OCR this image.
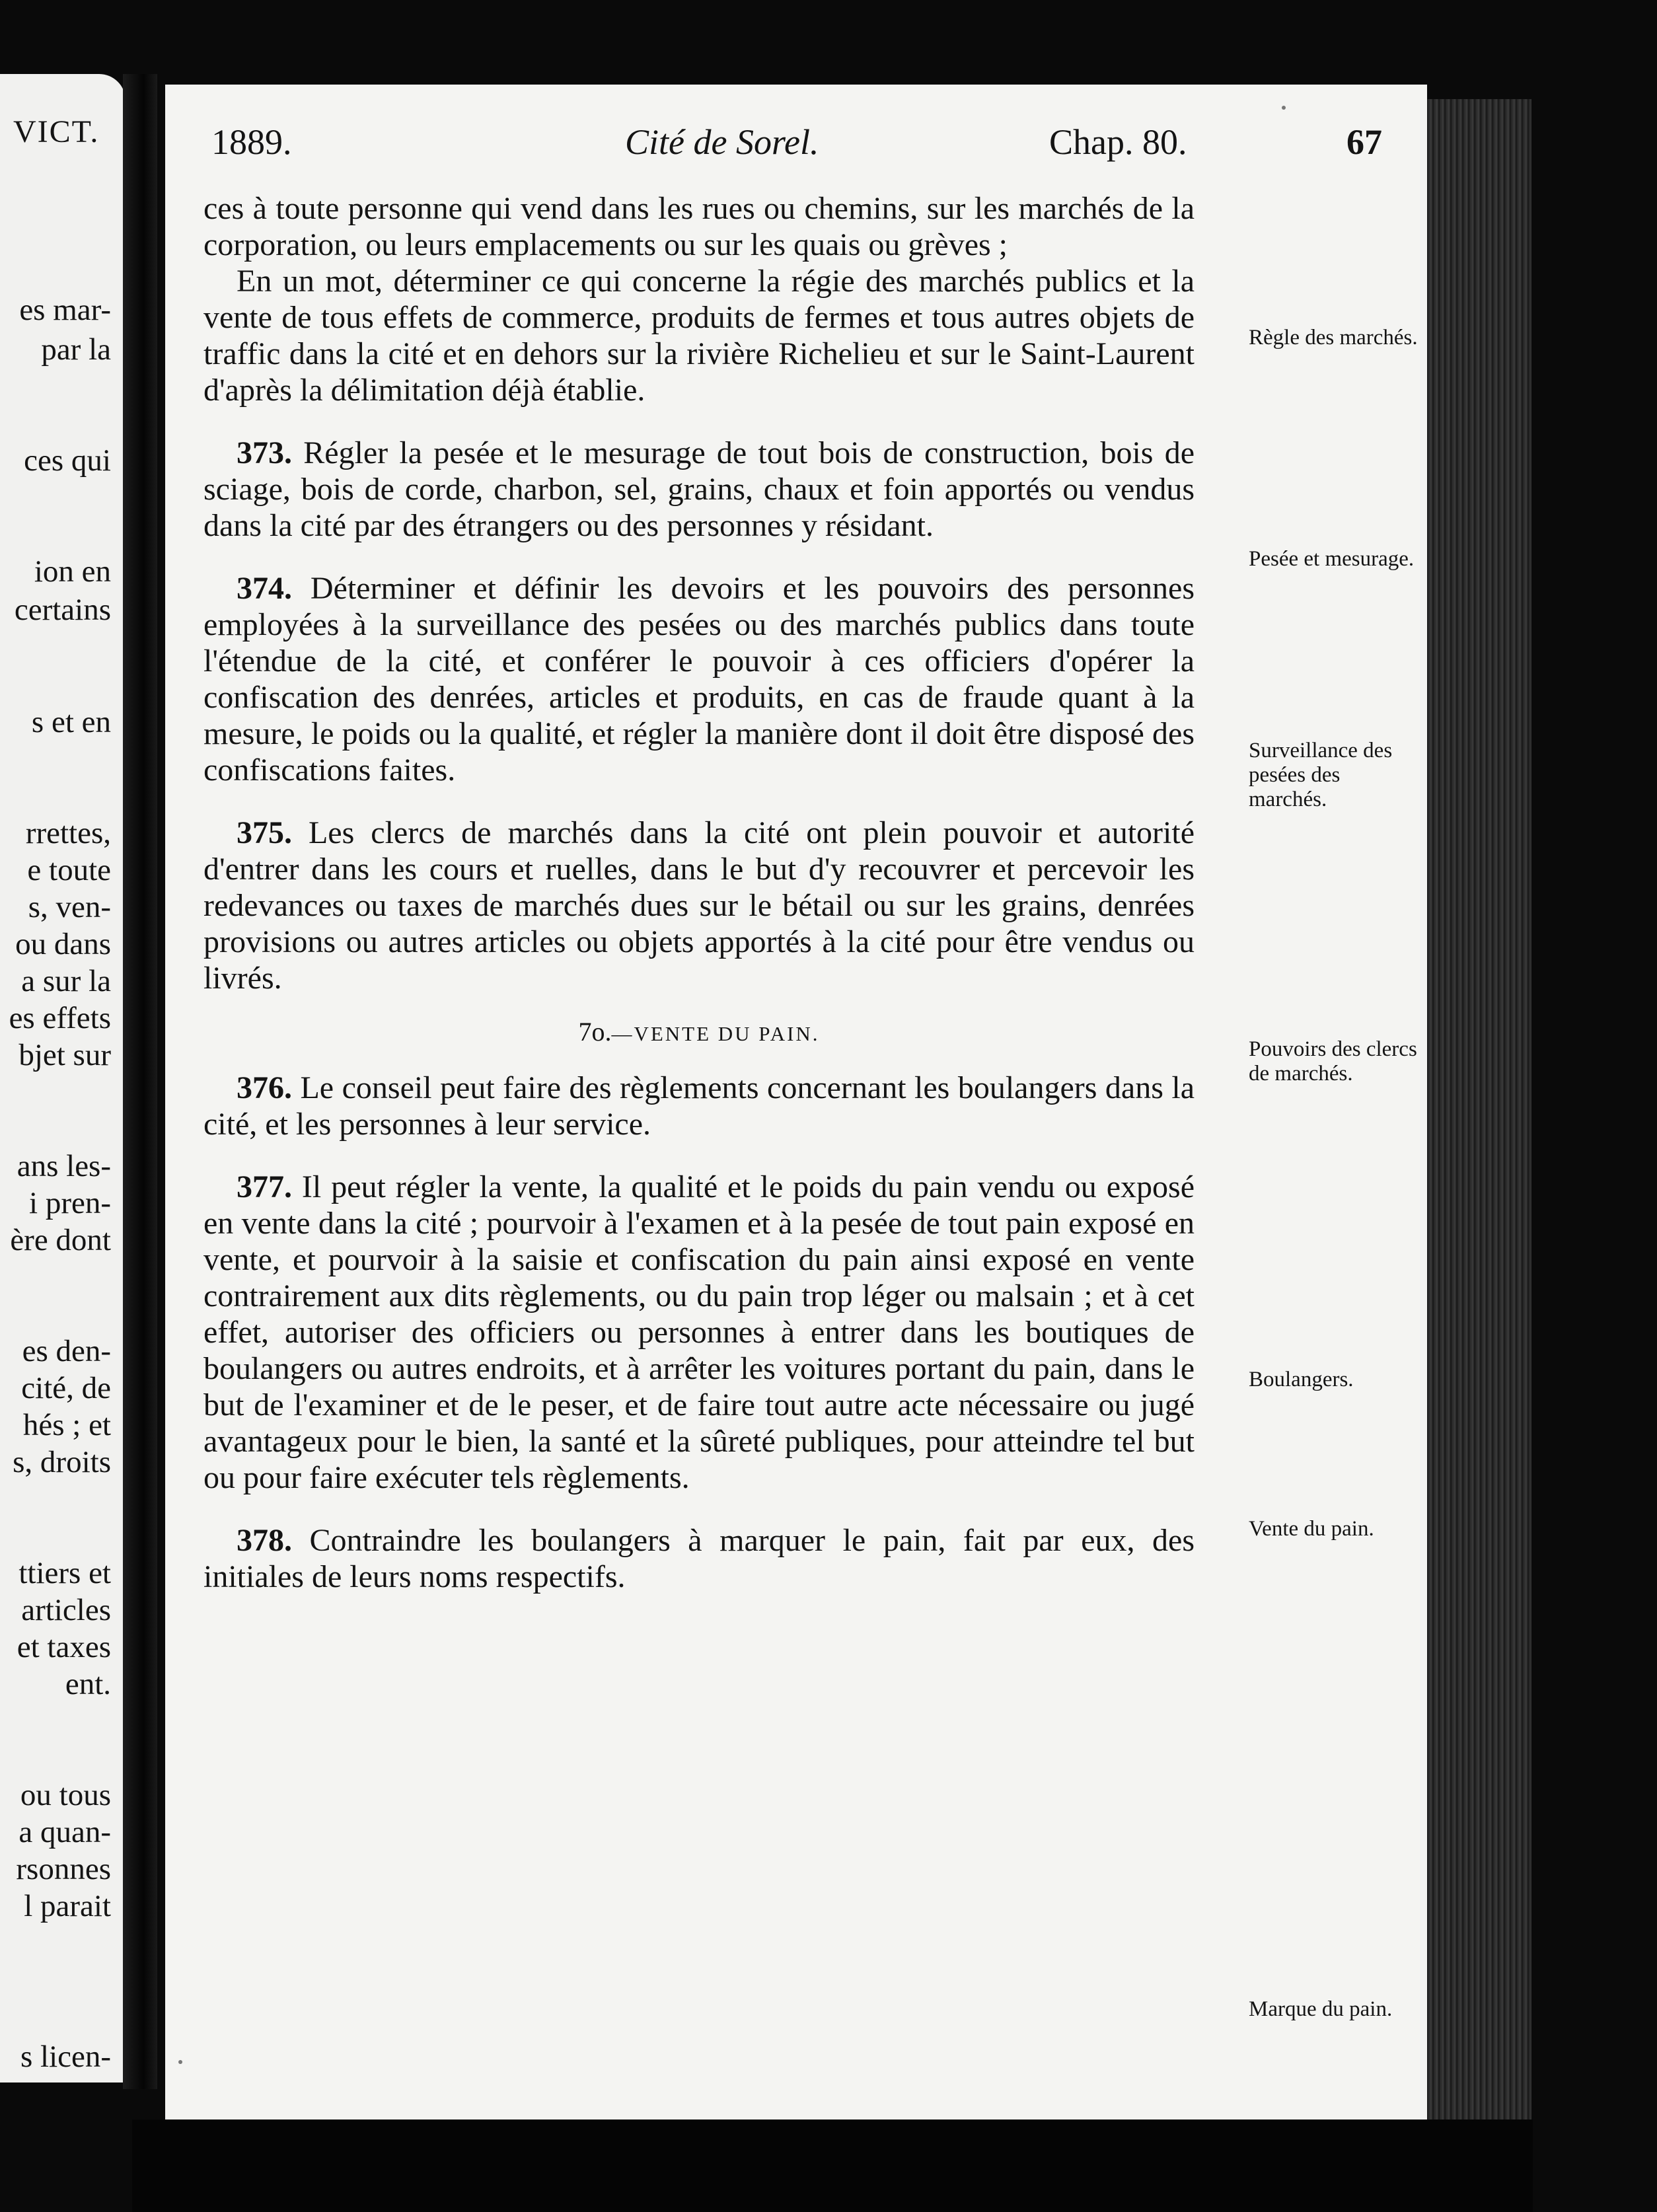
VICT.

es mar-

par la

ces qui

ion en

certains

s et en

rrettes,

e toute

s, ven-

ou dans

a sur la

es effets

bjet sur

ans les-

i pren-

ère dont

es den-

cité, de

hés ; et

s, droits

ttiers et

articles

et taxes

ent.

ou tous

a quan-

rsonnes

l parait

s licen-

1889.	Cité de Sorel.	Chap. 80.	67

ces à toute personne qui vend dans les rues ou chemins, sur les marchés de la corporation, ou leurs emplacements ou sur les quais ou grèves ;

En un mot, déterminer ce qui concerne la régie des marchés publics et la vente de tous effets de commerce, produits de fermes et tous autres objets de traffic dans la cité et en dehors sur la rivière Richelieu et sur le Saint-Laurent d'après la délimitation déjà établie.

373. Régler la pesée et le mesurage de tout bois de construction, bois de sciage, bois de corde, charbon, sel, grains, chaux et foin apportés ou vendus dans la cité par des étrangers ou des personnes y résidant.

374. Déterminer et définir les devoirs et les pouvoirs des personnes employées à la surveillance des pesées ou des marchés publics dans toute l'étendue de la cité, et conférer le pouvoir à ces officiers d'opérer la confiscation des denrées, articles et produits, en cas de fraude quant à la mesure, le poids ou la qualité, et régler la manière dont il doit être disposé des confiscations faites.

375. Les clercs de marchés dans la cité ont plein pouvoir et autorité d'entrer dans les cours et ruelles, dans le but d'y recouvrer et percevoir les redevances ou taxes de marchés dues sur le bétail ou sur les grains, denrées provisions ou autres articles ou objets apportés à la cité pour être vendus ou livrés.

7o.—VENTE DU PAIN.

376. Le conseil peut faire des règlements concernant les boulangers dans la cité, et les personnes à leur service.

377. Il peut régler la vente, la qualité et le poids du pain vendu ou exposé en vente dans la cité ; pourvoir à l'examen et à la pesée de tout pain exposé en vente, et pourvoir à la saisie et confiscation du pain ainsi exposé en vente contrairement aux dits règlements, ou du pain trop léger ou malsain ; et à cet effet, autoriser des officiers ou personnes à entrer dans les boutiques de boulangers ou autres endroits, et à arrêter les voitures portant du pain, dans le but de l'examiner et de le peser, et de faire tout autre acte nécessaire ou jugé avantageux pour le bien, la santé et la sûreté publiques, pour atteindre tel but ou pour faire exécuter tels règlements.

378. Contraindre les boulangers à marquer le pain, fait par eux, des initiales de leurs noms respectifs.

Règle des marchés.

Pesée et mesurage.

Surveillance des pesées des marchés.

Pouvoirs des clercs de marchés.

Boulangers.

Vente du pain.

Marque du pain.
